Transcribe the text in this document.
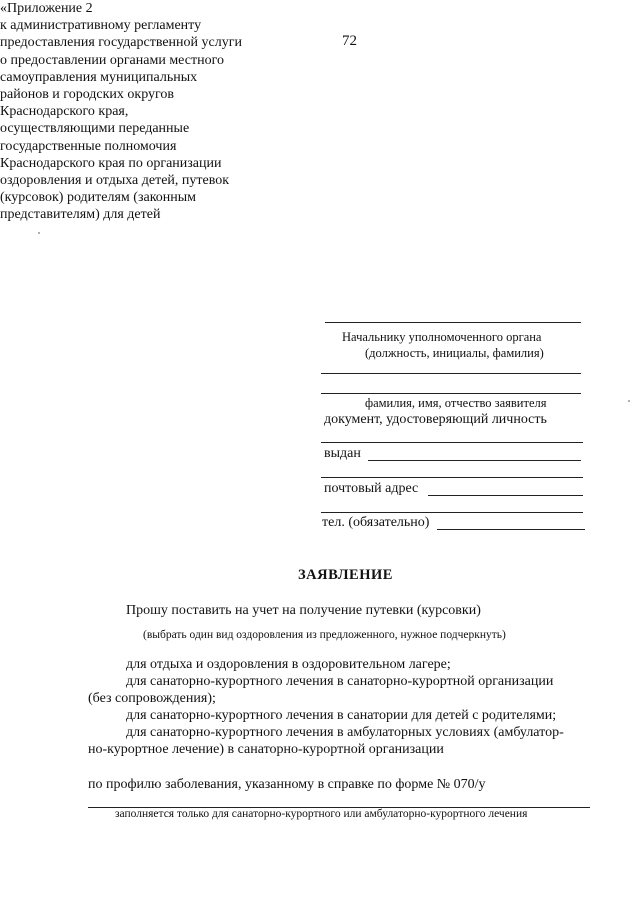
72
«Приложение 2
к административному регламенту
предоставления государственной услуги
о предоставлении органами местного
самоуправления муниципальных
районов и городских округов
Краснодарского края,
осуществляющими переданные
государственные полномочия
Краснодарского края по организации
оздоровления и отдыха детей, путевок
(курсовок) родителям (законным
представителям) для детей
Начальнику уполномоченного органа
(должность, инициалы, фамилия)
фамилия, имя, отчество заявителя
документ, удостоверяющий личность
выдан
почтовый адрес
тел. (обязательно)
ЗАЯВЛЕНИЕ
Прошу поставить на учет на получение путевки (курсовки)
(выбрать один вид оздоровления из предложенного, нужное подчеркнуть)
для отдыха и оздоровления в оздоровительном лагере;
для санаторно-курортного лечения в санаторно-курортной организации
(без сопровождения);
для санаторно-курортного лечения в санатории для детей с родителями;
для санаторно-курортного лечения в амбулаторных условиях (амбулатор-
но-курортное лечение) в санаторно-курортной организации
по профилю заболевания, указанному в справке по форме № 070/у
заполняется только для санаторно-курортного или амбулаторно-курортного лечения
